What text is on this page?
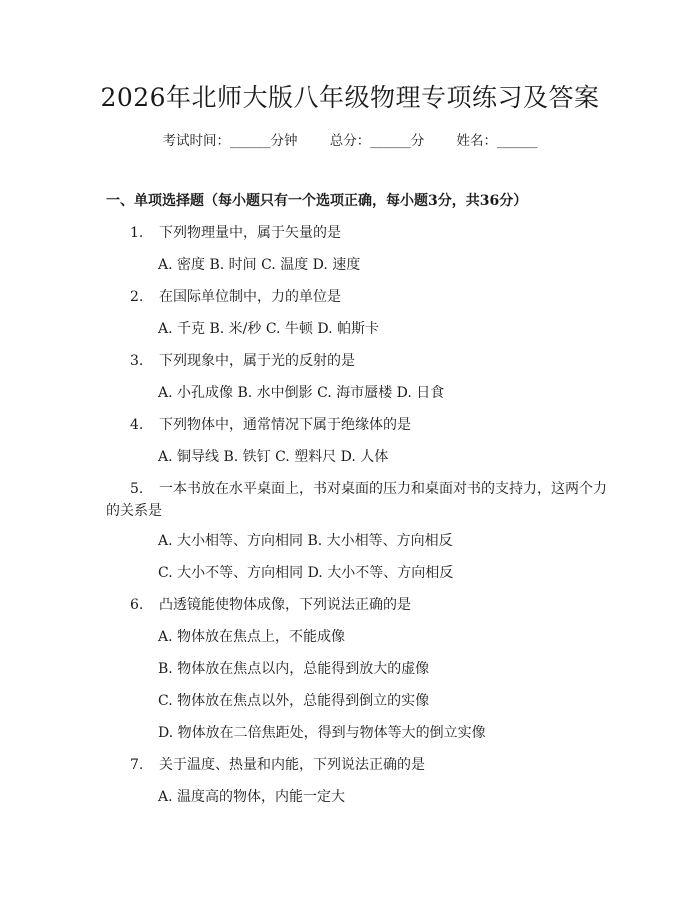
2026年北师大版八年级物理专项练习及答案
考试时间：______分钟 总分：______分 姓名：______
一、单项选择题（每小题只有一个选项正确，每小题3分，共36分）
1. 下列物理量中，属于矢量的是
A. 密度 B. 时间 C. 温度 D. 速度
2. 在国际单位制中，力的单位是
A. 千克 B. 米/秒 C. 牛顿 D. 帕斯卡
3. 下列现象中，属于光的反射的是
A. 小孔成像 B. 水中倒影 C. 海市蜃楼 D. 日食
4. 下列物体中，通常情况下属于绝缘体的是
A. 铜导线 B. 铁钉 C. 塑料尺 D. 人体
5. 一本书放在水平桌面上，书对桌面的压力和桌面对书的支持力，这两个力
的关系是
A. 大小相等、方向相同 B. 大小相等、方向相反
C. 大小不等、方向相同 D. 大小不等、方向相反
6. 凸透镜能使物体成像，下列说法正确的是
A. 物体放在焦点上，不能成像
B. 物体放在焦点以内，总能得到放大的虚像
C. 物体放在焦点以外，总能得到倒立的实像
D. 物体放在二倍焦距处，得到与物体等大的倒立实像
7. 关于温度、热量和内能，下列说法正确的是
A. 温度高的物体，内能一定大
